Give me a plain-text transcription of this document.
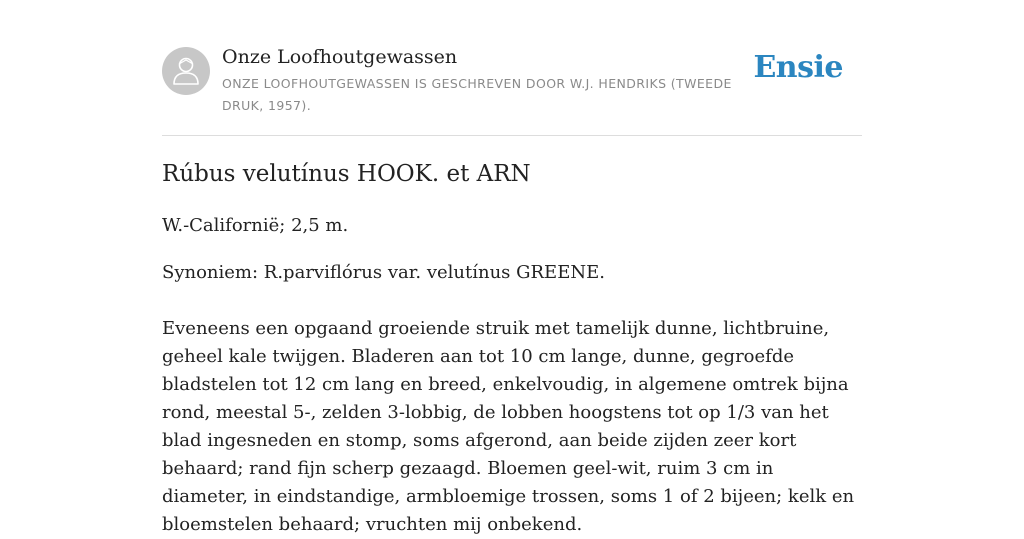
Onze Loofhoutgewassen
ONZE LOOFHOUTGEWASSEN IS GESCHREVEN DOOR W.J. HENDRIKS (TWEEDE DRUK, 1957).
Ensie
Rúbus velutínus HOOK. et ARN

W.-Californië; 2,5 m.

Synoniem: R.parviflórus var. velutínus GREENE.

Eveneens een opgaand groeiende struik met tamelijk dunne, lichtbruine, geheel kale twijgen. Bladeren aan tot 10 cm lange, dunne, gegroefde bladstelen tot 12 cm lang en breed, enkelvoudig, in algemene omtrek bijna rond, meestal 5-, zelden 3-lobbig, de lobben hoogstens tot op 1/3 van het blad ingesneden en stomp, soms afgerond, aan beide zijden zeer kort behaard; rand fijn scherp gezaagd. Bloemen geel-wit, ruim 3 cm in diameter, in eindstandige, armbloemige trossen, soms 1 of 2 bijeen; kelk en bloemstelen behaard; vruchten mij onbekend.
